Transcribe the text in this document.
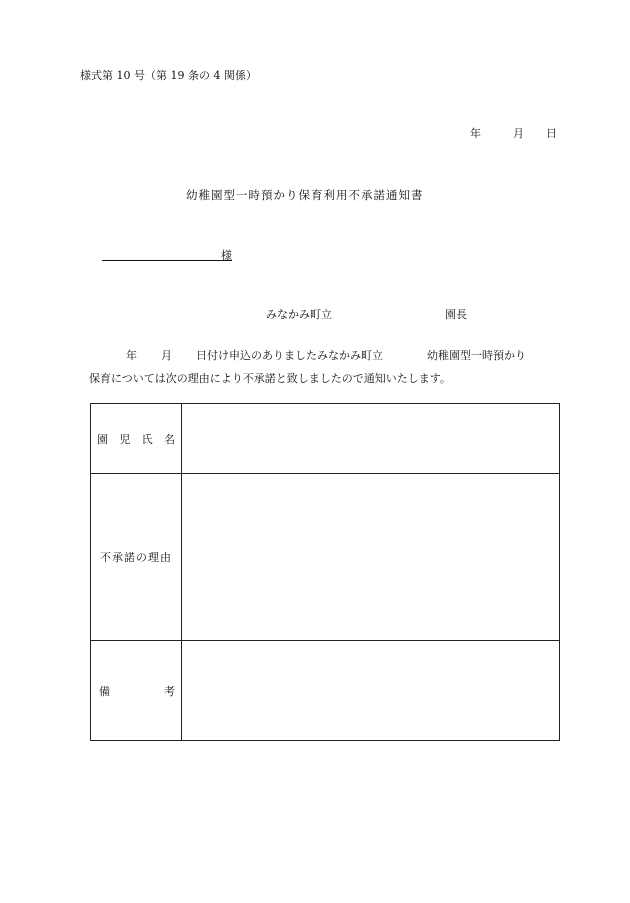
様式第 10 号（第 19 条の 4 関係）
年	月 日
幼稚園型一時預かり保育利用不承諾通知書
様
みなかみ町立	園長
年 月 日付け申込のありましたみなかみ町立	幼稚園型一時預かり
保育については次の理由により不承諾と致しましたので通知いたします。
園 児 氏 名	

不承諾の理由	

備 考	
